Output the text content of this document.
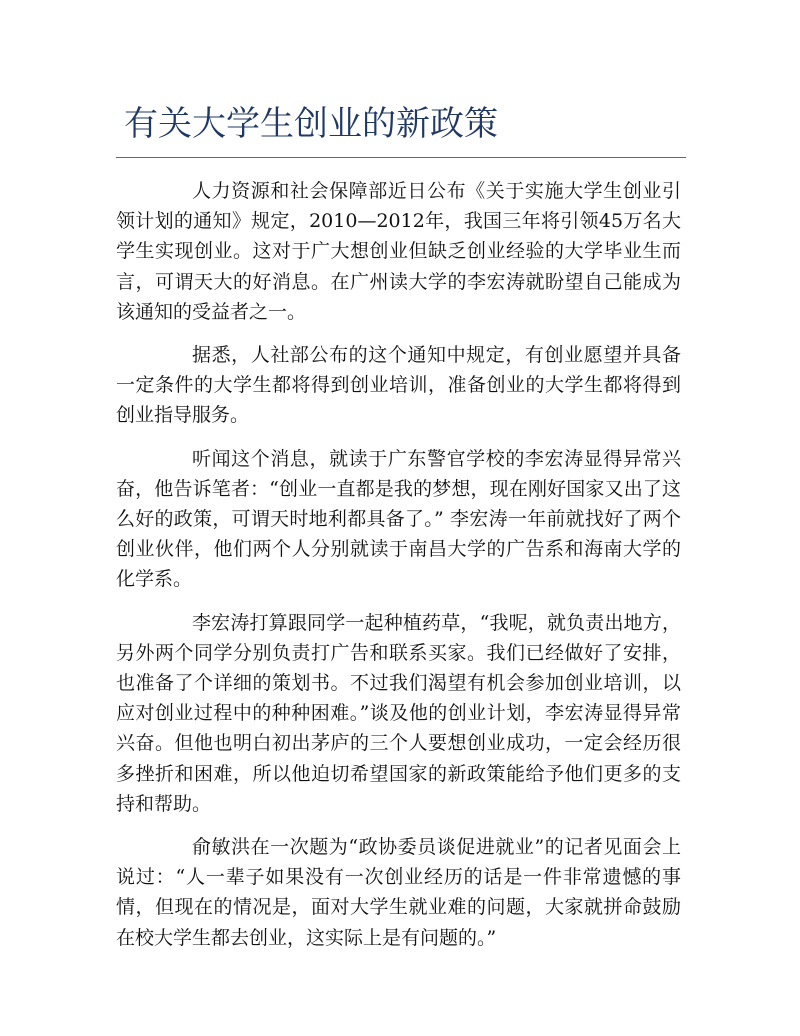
有关大学生创业的新政策

人力资源和社会保障部近日公布《关于实施大学生创业引领计划的通知》规定，2010—2012年，我国三年将引领45万名大学生实现创业。这对于广大想创业但缺乏创业经验的大学毕业生而言，可谓天大的好消息。在广州读大学的李宏涛就盼望自己能成为该通知的受益者之一。

据悉，人社部公布的这个通知中规定，有创业愿望并具备一定条件的大学生都将得到创业培训，准备创业的大学生都将得到创业指导服务。

听闻这个消息，就读于广东警官学校的李宏涛显得异常兴奋，他告诉笔者：“创业一直都是我的梦想，现在刚好国家又出了这么好的政策，可谓天时地利都具备了。” 李宏涛一年前就找好了两个创业伙伴，他们两个人分别就读于南昌大学的广告系和海南大学的化学系。

李宏涛打算跟同学一起种植药草，“我呢，就负责出地方，另外两个同学分别负责打广告和联系买家。我们已经做好了安排，也准备了个详细的策划书。不过我们渴望有机会参加创业培训，以应对创业过程中的种种困难。”谈及他的创业计划，李宏涛显得异常兴奋。但他也明白初出茅庐的三个人要想创业成功，一定会经历很多挫折和困难，所以他迫切希望国家的新政策能给予他们更多的支持和帮助。

俞敏洪在一次题为“政协委员谈促进就业”的记者见面会上说过：“人一辈子如果没有一次创业经历的话是一件非常遗憾的事情，但现在的情况是，面对大学生就业难的问题，大家就拼命鼓励在校大学生都去创业，这实际上是有问题的。”
